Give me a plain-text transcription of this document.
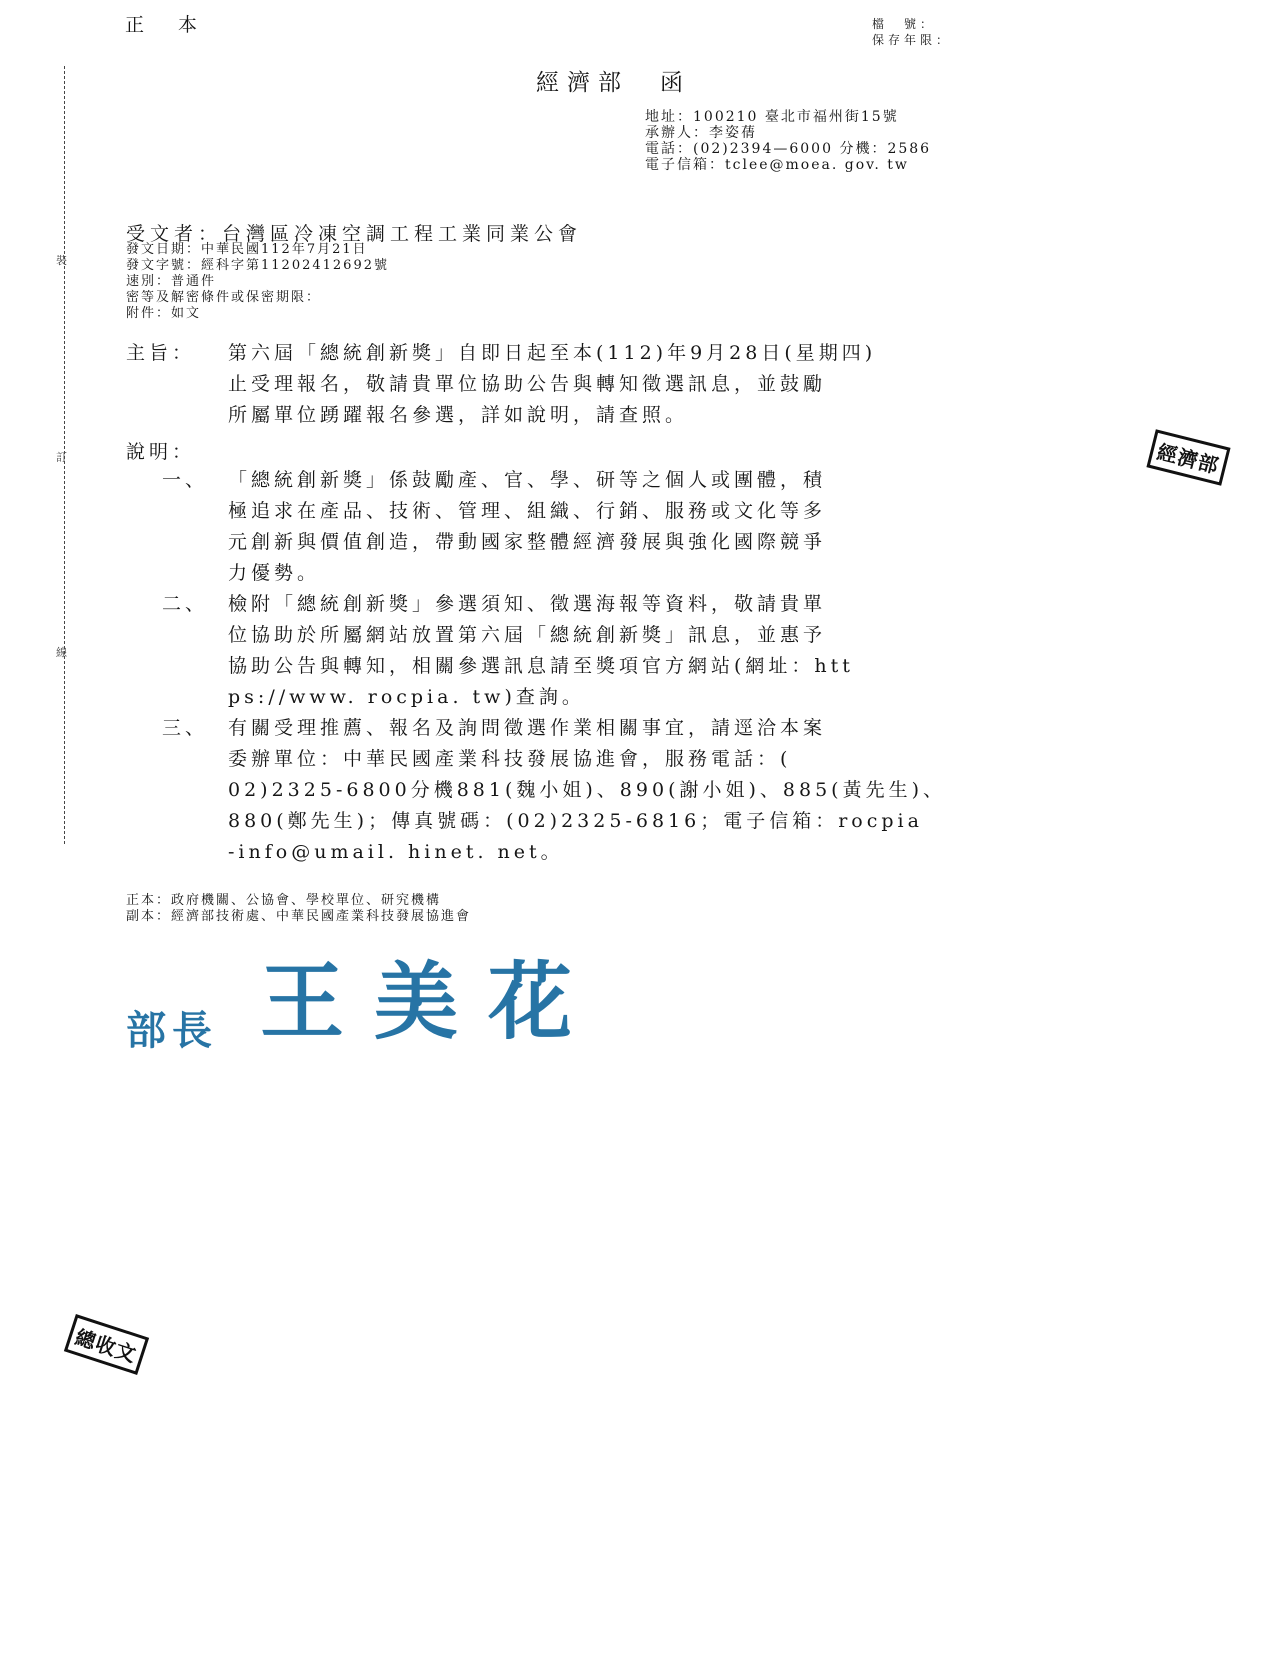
裝
訂
線
正 本	檔　號：
保存年限：
經濟部　函
地址：100210 臺北市福州街15號
承辦人：李姿蒨
電話：(02)2394—6000 分機：2586
電子信箱：tclee@moea. gov. tw
受文者：台灣區冷凍空調工程工業同業公會
發文日期：中華民國112年7月21日
發文字號：經科字第11202412692號
速別：普通件
密等及解密條件或保密期限：
附件：如文
主旨：	第六屆「總統創新獎」自即日起至本(112)年9月28日(星期四)
止受理報名，敬請貴單位協助公告與轉知徵選訊息，並鼓勵
所屬單位踴躍報名參選，詳如說明，請查照。
說明：
一、	「總統創新獎」係鼓勵產、官、學、研等之個人或團體，積
極追求在產品、技術、管理、組織、行銷、服務或文化等多
元創新與價值創造，帶動國家整體經濟發展與強化國際競爭
力優勢。
二、	檢附「總統創新獎」參選須知、徵選海報等資料，敬請貴單
位協助於所屬網站放置第六屆「總統創新獎」訊息，並惠予
協助公告與轉知，相關參選訊息請至獎項官方網站(網址：htt
ps://www. rocpia. tw)查詢。
三、	有關受理推薦、報名及詢問徵選作業相關事宜，請逕洽本案
委辦單位：中華民國產業科技發展協進會，服務電話：(
02)2325-6800分機881(魏小姐)、890(謝小姐)、885(黃先生)、
880(鄭先生)；傳真號碼：(02)2325-6816；電子信箱：rocpia
-info@umail. hinet. net。
正本：政府機關、公協會、學校單位、研究機構
副本：經濟部技術處、中華民國產業科技發展協進會
部長 王美花
經濟部
總收文
